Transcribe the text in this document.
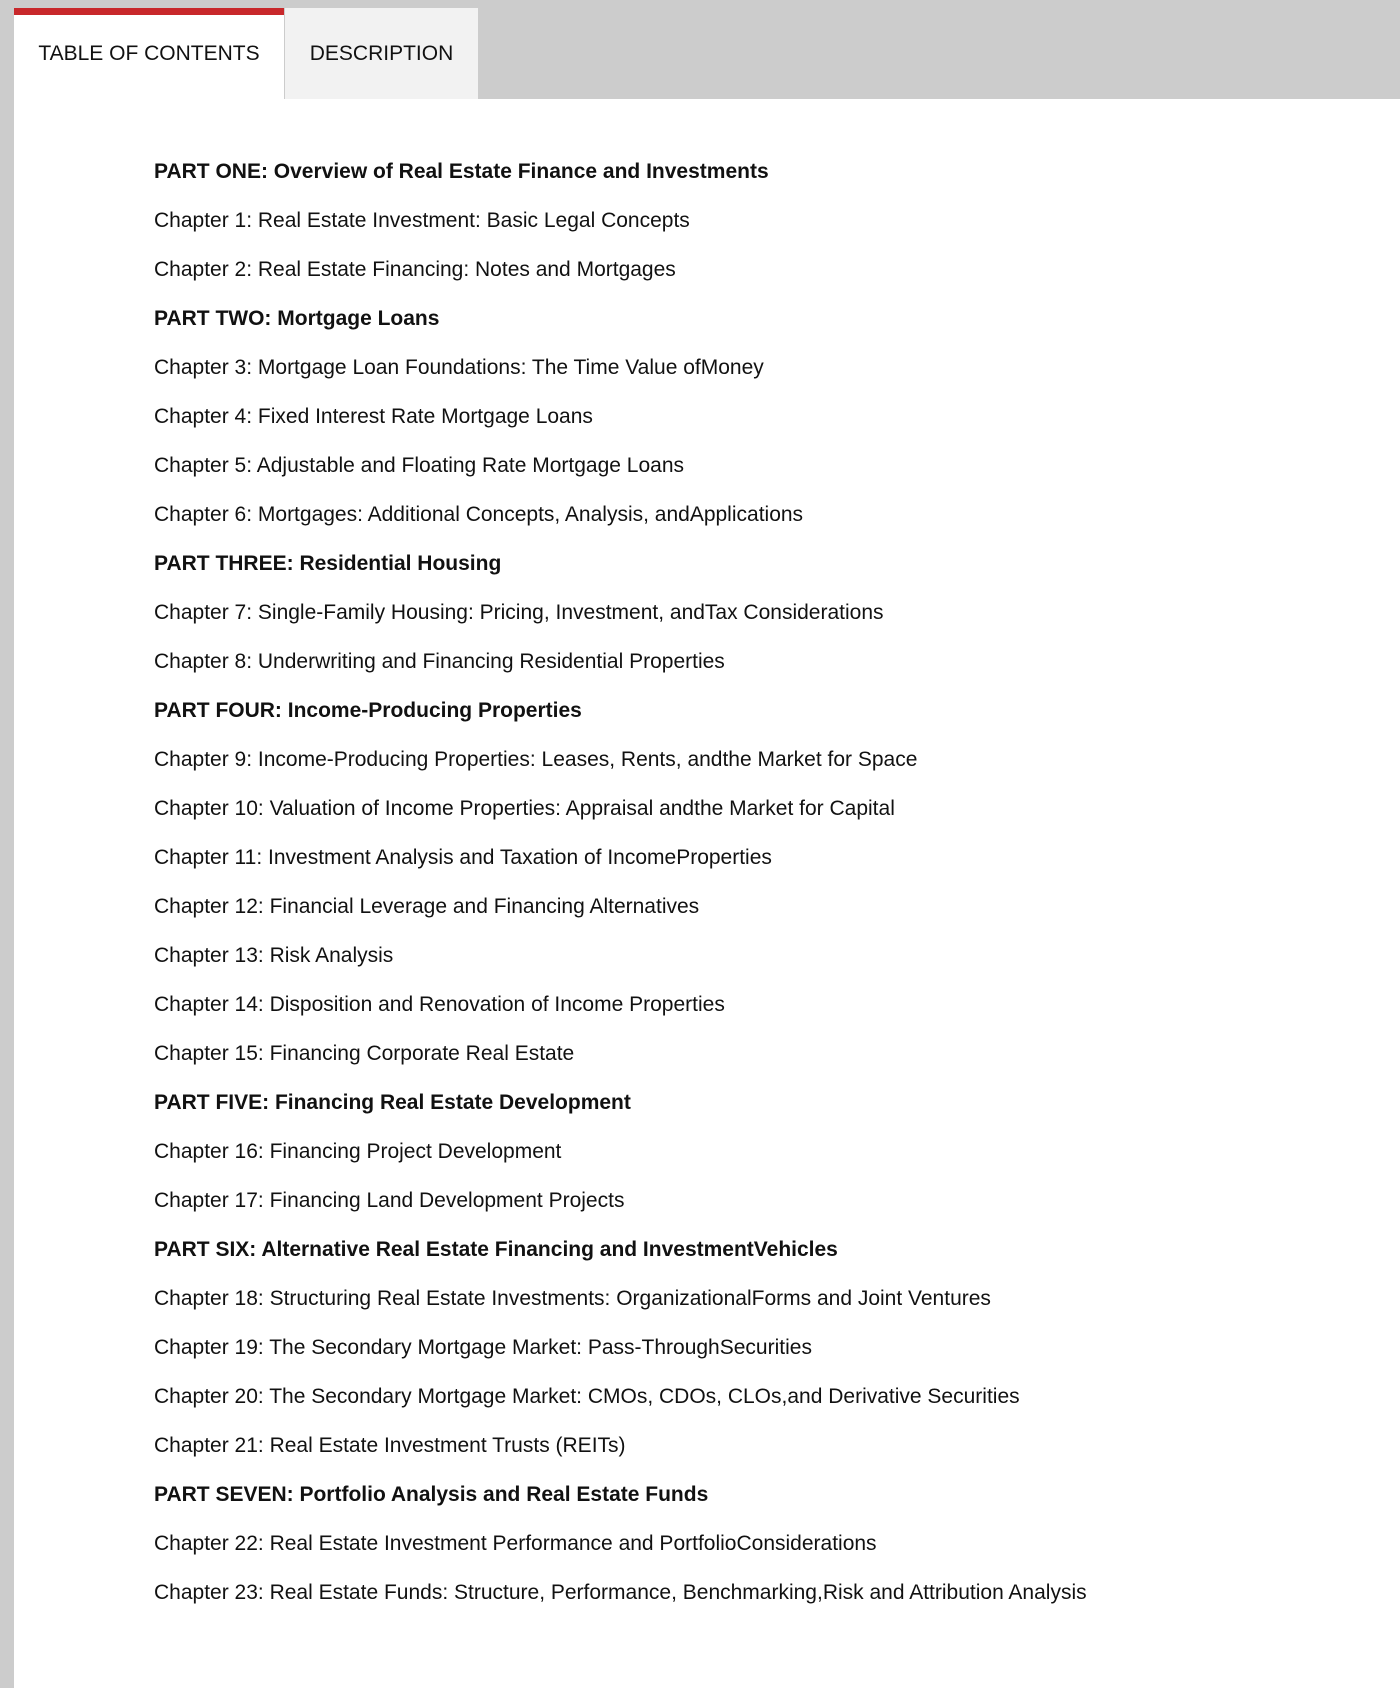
TABLE OF CONTENTS	DESCRIPTION
PART ONE: Overview of Real Estate Finance and Investments
Chapter 1: Real Estate Investment: Basic Legal Concepts
Chapter 2: Real Estate Financing: Notes and Mortgages
PART TWO: Mortgage Loans
Chapter 3: Mortgage Loan Foundations: The Time Value ofMoney
Chapter 4: Fixed Interest Rate Mortgage Loans
Chapter 5: Adjustable and Floating Rate Mortgage Loans
Chapter 6: Mortgages: Additional Concepts, Analysis, andApplications
PART THREE: Residential Housing
Chapter 7: Single-Family Housing: Pricing, Investment, andTax Considerations
Chapter 8: Underwriting and Financing Residential Properties
PART FOUR: Income-Producing Properties
Chapter 9: Income-Producing Properties: Leases, Rents, andthe Market for Space
Chapter 10: Valuation of Income Properties: Appraisal andthe Market for Capital
Chapter 11: Investment Analysis and Taxation of IncomeProperties
Chapter 12: Financial Leverage and Financing Alternatives
Chapter 13: Risk Analysis
Chapter 14: Disposition and Renovation of Income Properties
Chapter 15: Financing Corporate Real Estate
PART FIVE: Financing Real Estate Development
Chapter 16: Financing Project Development
Chapter 17: Financing Land Development Projects
PART SIX: Alternative Real Estate Financing and InvestmentVehicles
Chapter 18: Structuring Real Estate Investments: OrganizationalForms and Joint Ventures
Chapter 19: The Secondary Mortgage Market: Pass-ThroughSecurities
Chapter 20: The Secondary Mortgage Market: CMOs, CDOs, CLOs,and Derivative Securities
Chapter 21: Real Estate Investment Trusts (REITs)
PART SEVEN: Portfolio Analysis and Real Estate Funds
Chapter 22: Real Estate Investment Performance and PortfolioConsiderations
Chapter 23: Real Estate Funds: Structure, Performance, Benchmarking,Risk and Attribution Analysis
